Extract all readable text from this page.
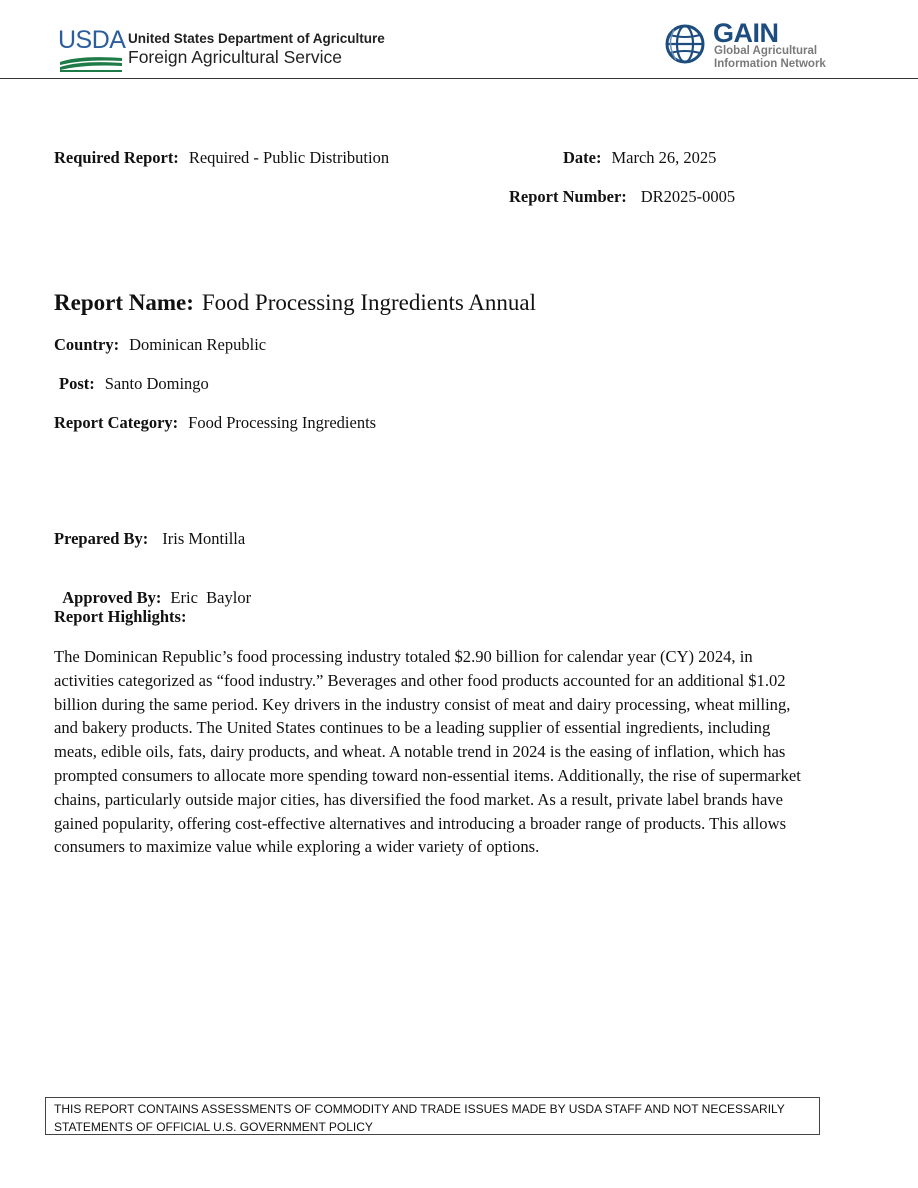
USDA United States Department of Agriculture
Foreign Agricultural Service
GAIN
Global Agricultural
Information Network
Required Report: Required - Public Distribution	Date: March 26, 2025
Report Number: DR2025-0005
Report Name: Food Processing Ingredients Annual
Country: Dominican Republic
Post: Santo Domingo
Report Category: Food Processing Ingredients
Prepared By: Iris Montilla

Approved By: Eric  Baylor

Report Highlights:
The Dominican Republic’s food processing industry totaled $2.90 billion for calendar year (CY) 2024, in activities categorized as “food industry.” Beverages and other food products accounted for an additional $1.02 billion during the same period. Key drivers in the industry consist of meat and dairy processing, wheat milling, and bakery products. The United States continues to be a leading supplier of essential ingredients, including meats, edible oils, fats, dairy products, and wheat. A notable trend in 2024 is the easing of inflation, which has prompted consumers to allocate more spending toward non-essential items. Additionally, the rise of supermarket chains, particularly outside major cities, has diversified the food market. As a result, private label brands have gained popularity, offering cost-effective alternatives and introducing a broader range of products. This allows consumers to maximize value while exploring a wider variety of options.
THIS REPORT CONTAINS ASSESSMENTS OF COMMODITY AND TRADE ISSUES MADE BY USDA STAFF AND NOT NECESSARILY STATEMENTS OF OFFICIAL U.S. GOVERNMENT POLICY
